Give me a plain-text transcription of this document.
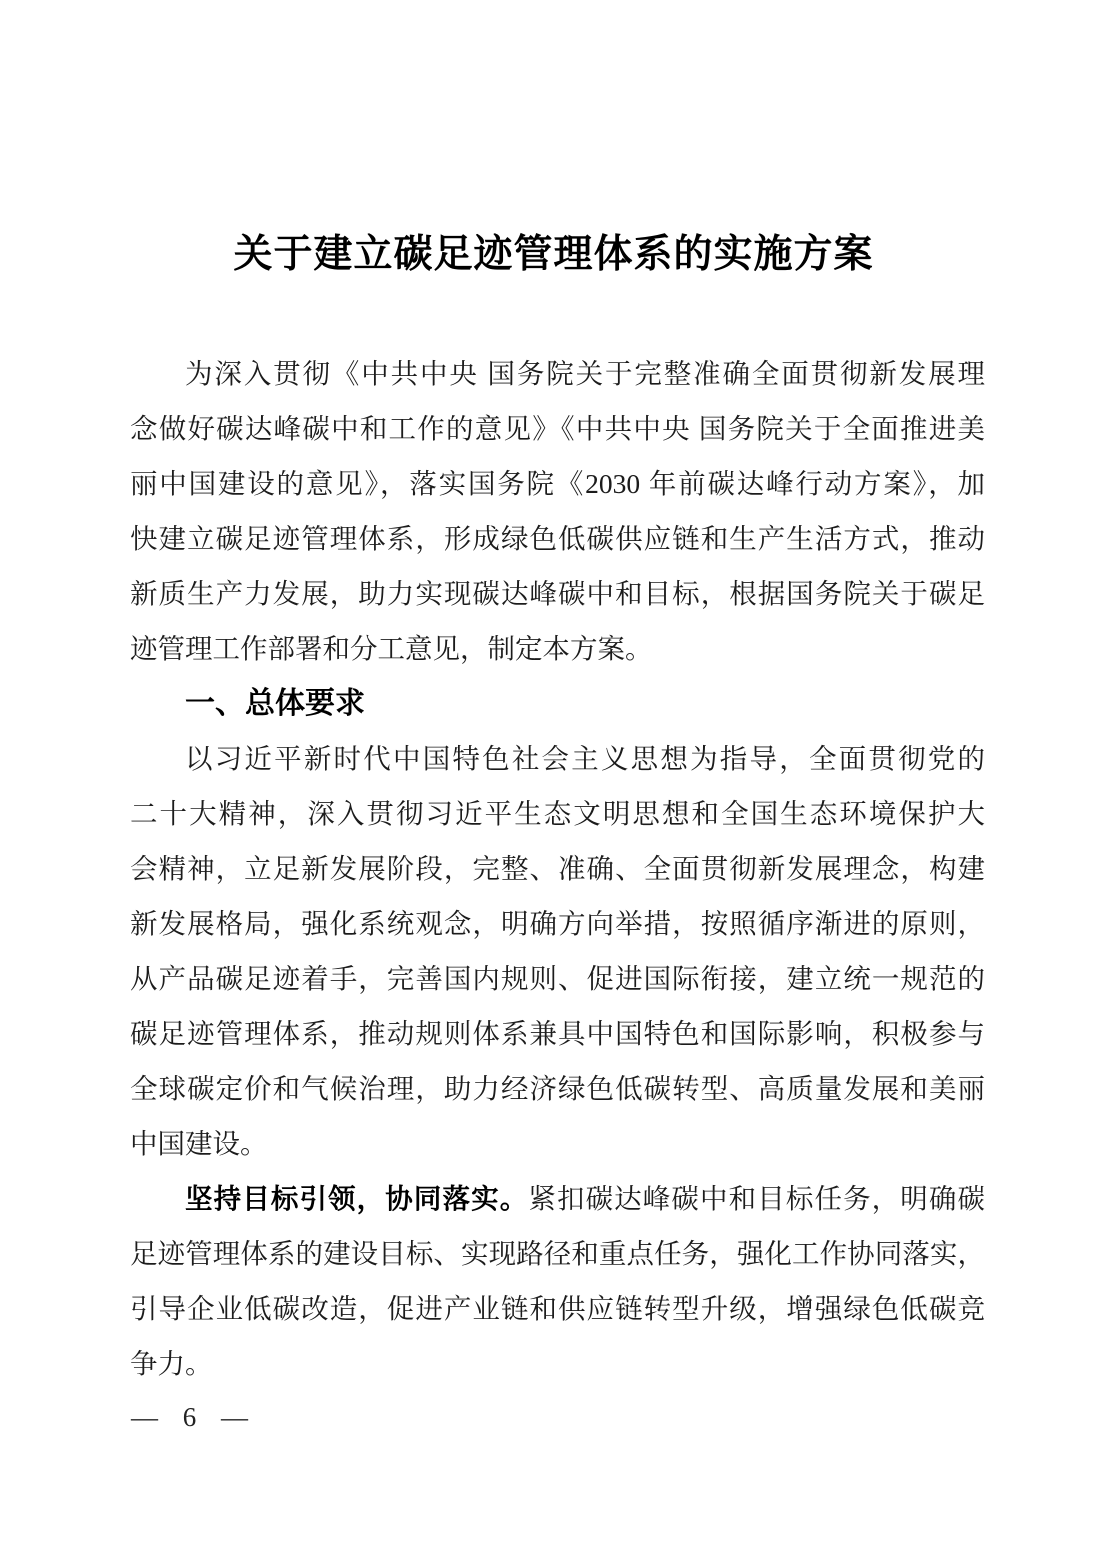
关于建立碳足迹管理体系的实施方案
为深入贯彻《中共中央 国务院关于完整准确全面贯彻新发展理
念做好碳达峰碳中和工作的意见》《中共中央 国务院关于全面推进美
丽中国建设的意见》，落实国务院《2030 年前碳达峰行动方案》，加
快建立碳足迹管理体系，形成绿色低碳供应链和生产生活方式，推动
新质生产力发展，助力实现碳达峰碳中和目标，根据国务院关于碳足
迹管理工作部署和分工意见，制定本方案。
一、总体要求
以习近平新时代中国特色社会主义思想为指导，全面贯彻党的
二十大精神，深入贯彻习近平生态文明思想和全国生态环境保护大
会精神，立足新发展阶段，完整、准确、全面贯彻新发展理念，构建
新发展格局，强化系统观念，明确方向举措，按照循序渐进的原则，
从产品碳足迹着手，完善国内规则、促进国际衔接，建立统一规范的
碳足迹管理体系，推动规则体系兼具中国特色和国际影响，积极参与
全球碳定价和气候治理，助力经济绿色低碳转型、高质量发展和美丽
中国建设。
坚持目标引领，协同落实。紧扣碳达峰碳中和目标任务，明确碳
足迹管理体系的建设目标、实现路径和重点任务，强化工作协同落实，
引导企业低碳改造，促进产业链和供应链转型升级，增强绿色低碳竞
争力。
— 6 —
